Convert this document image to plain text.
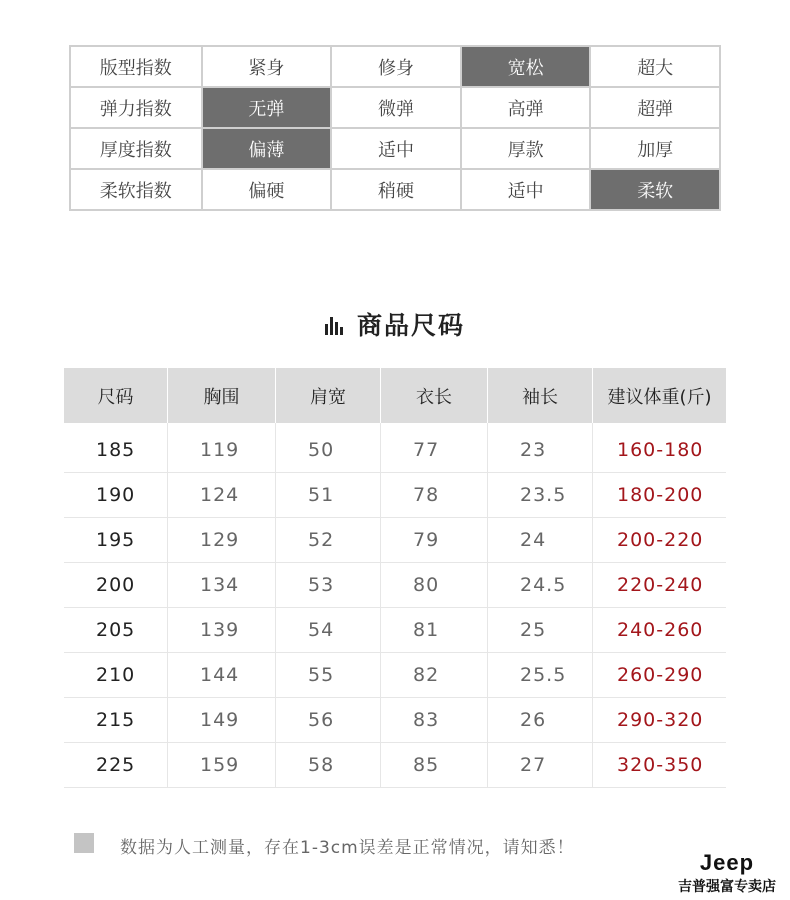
版型指数	紧身	修身	宽松	超大
弹力指数	无弹	微弹	高弹	超弹
厚度指数	偏薄	适中	厚款	加厚
柔软指数	偏硬	稍硬	适中	柔软
商品尺码
尺码	胸围	肩宽	衣长	袖长	建议体重(斤)
185	119	50	77	23	160-180
190	124	51	78	23.5	180-200
195	129	52	79	24	200-220
200	134	53	80	24.5	220-240
205	139	54	81	25	240-260
210	144	55	82	25.5	260-290
215	149	56	83	26	290-320
225	159	58	85	27	320-350
数据为人工测量，存在1-3cm误差是正常情况，请知悉！
Jeep
吉普强富专卖店
